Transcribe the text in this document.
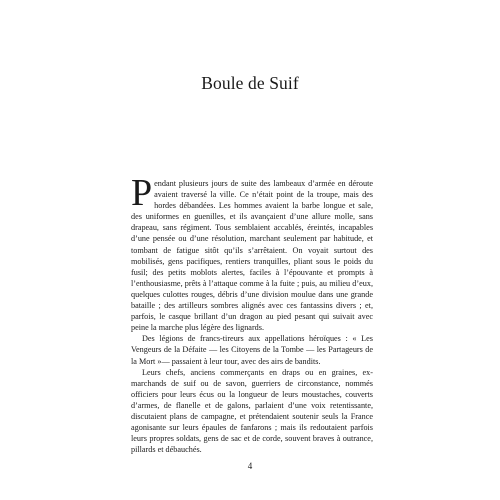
Boule de Suif

Pendant plusieurs jours de suite des lambeaux d’armée en déroute avaient traversé la ville. Ce n’était point de la troupe, mais des hordes débandées. Les hommes avaient la barbe longue et sale, des uniformes en guenilles, et ils avançaient d’une allure molle, sans drapeau, sans régiment. Tous semblaient accablés, éreintés, incapables d’une pensée ou d’une résolution, marchant seulement par habitude, et tombant de fatigue sitôt qu’ils s’arrêtaient. On voyait surtout des mobilisés, gens pacifiques, rentiers tranquilles, pliant sous le poids du fusil; des petits moblots alertes, faciles à l’épouvante et prompts à l’enthousiasme, prêts à l’attaque comme à la fuite ; puis, au milieu d’eux, quelques culottes rouges, débris d’une division moulue dans une grande bataille ; des artilleurs sombres alignés avec ces fantassins divers ; et, parfois, le casque brillant d’un dragon au pied pesant qui suivait avec peine la marche plus légère des lignards.

Des légions de francs-tireurs aux appellations héroïques : « Les Vengeurs de la Défaite — les Citoyens de la Tombe — les Partageurs de la Mort »— passaient à leur tour, avec des airs de bandits.

Leurs chefs, anciens commerçants en draps ou en graines, ex-marchands de suif ou de savon, guerriers de circonstance, nommés officiers pour leurs écus ou la longueur de leurs moustaches, couverts d’armes, de flanelle et de galons, parlaient d’une voix retentissante, discutaient plans de campagne, et prétendaient soutenir seuls la France agonisante sur leurs épaules de fanfarons ; mais ils redoutaient parfois leurs propres soldats, gens de sac et de corde, souvent braves à outrance, pillards et débauchés.

4
